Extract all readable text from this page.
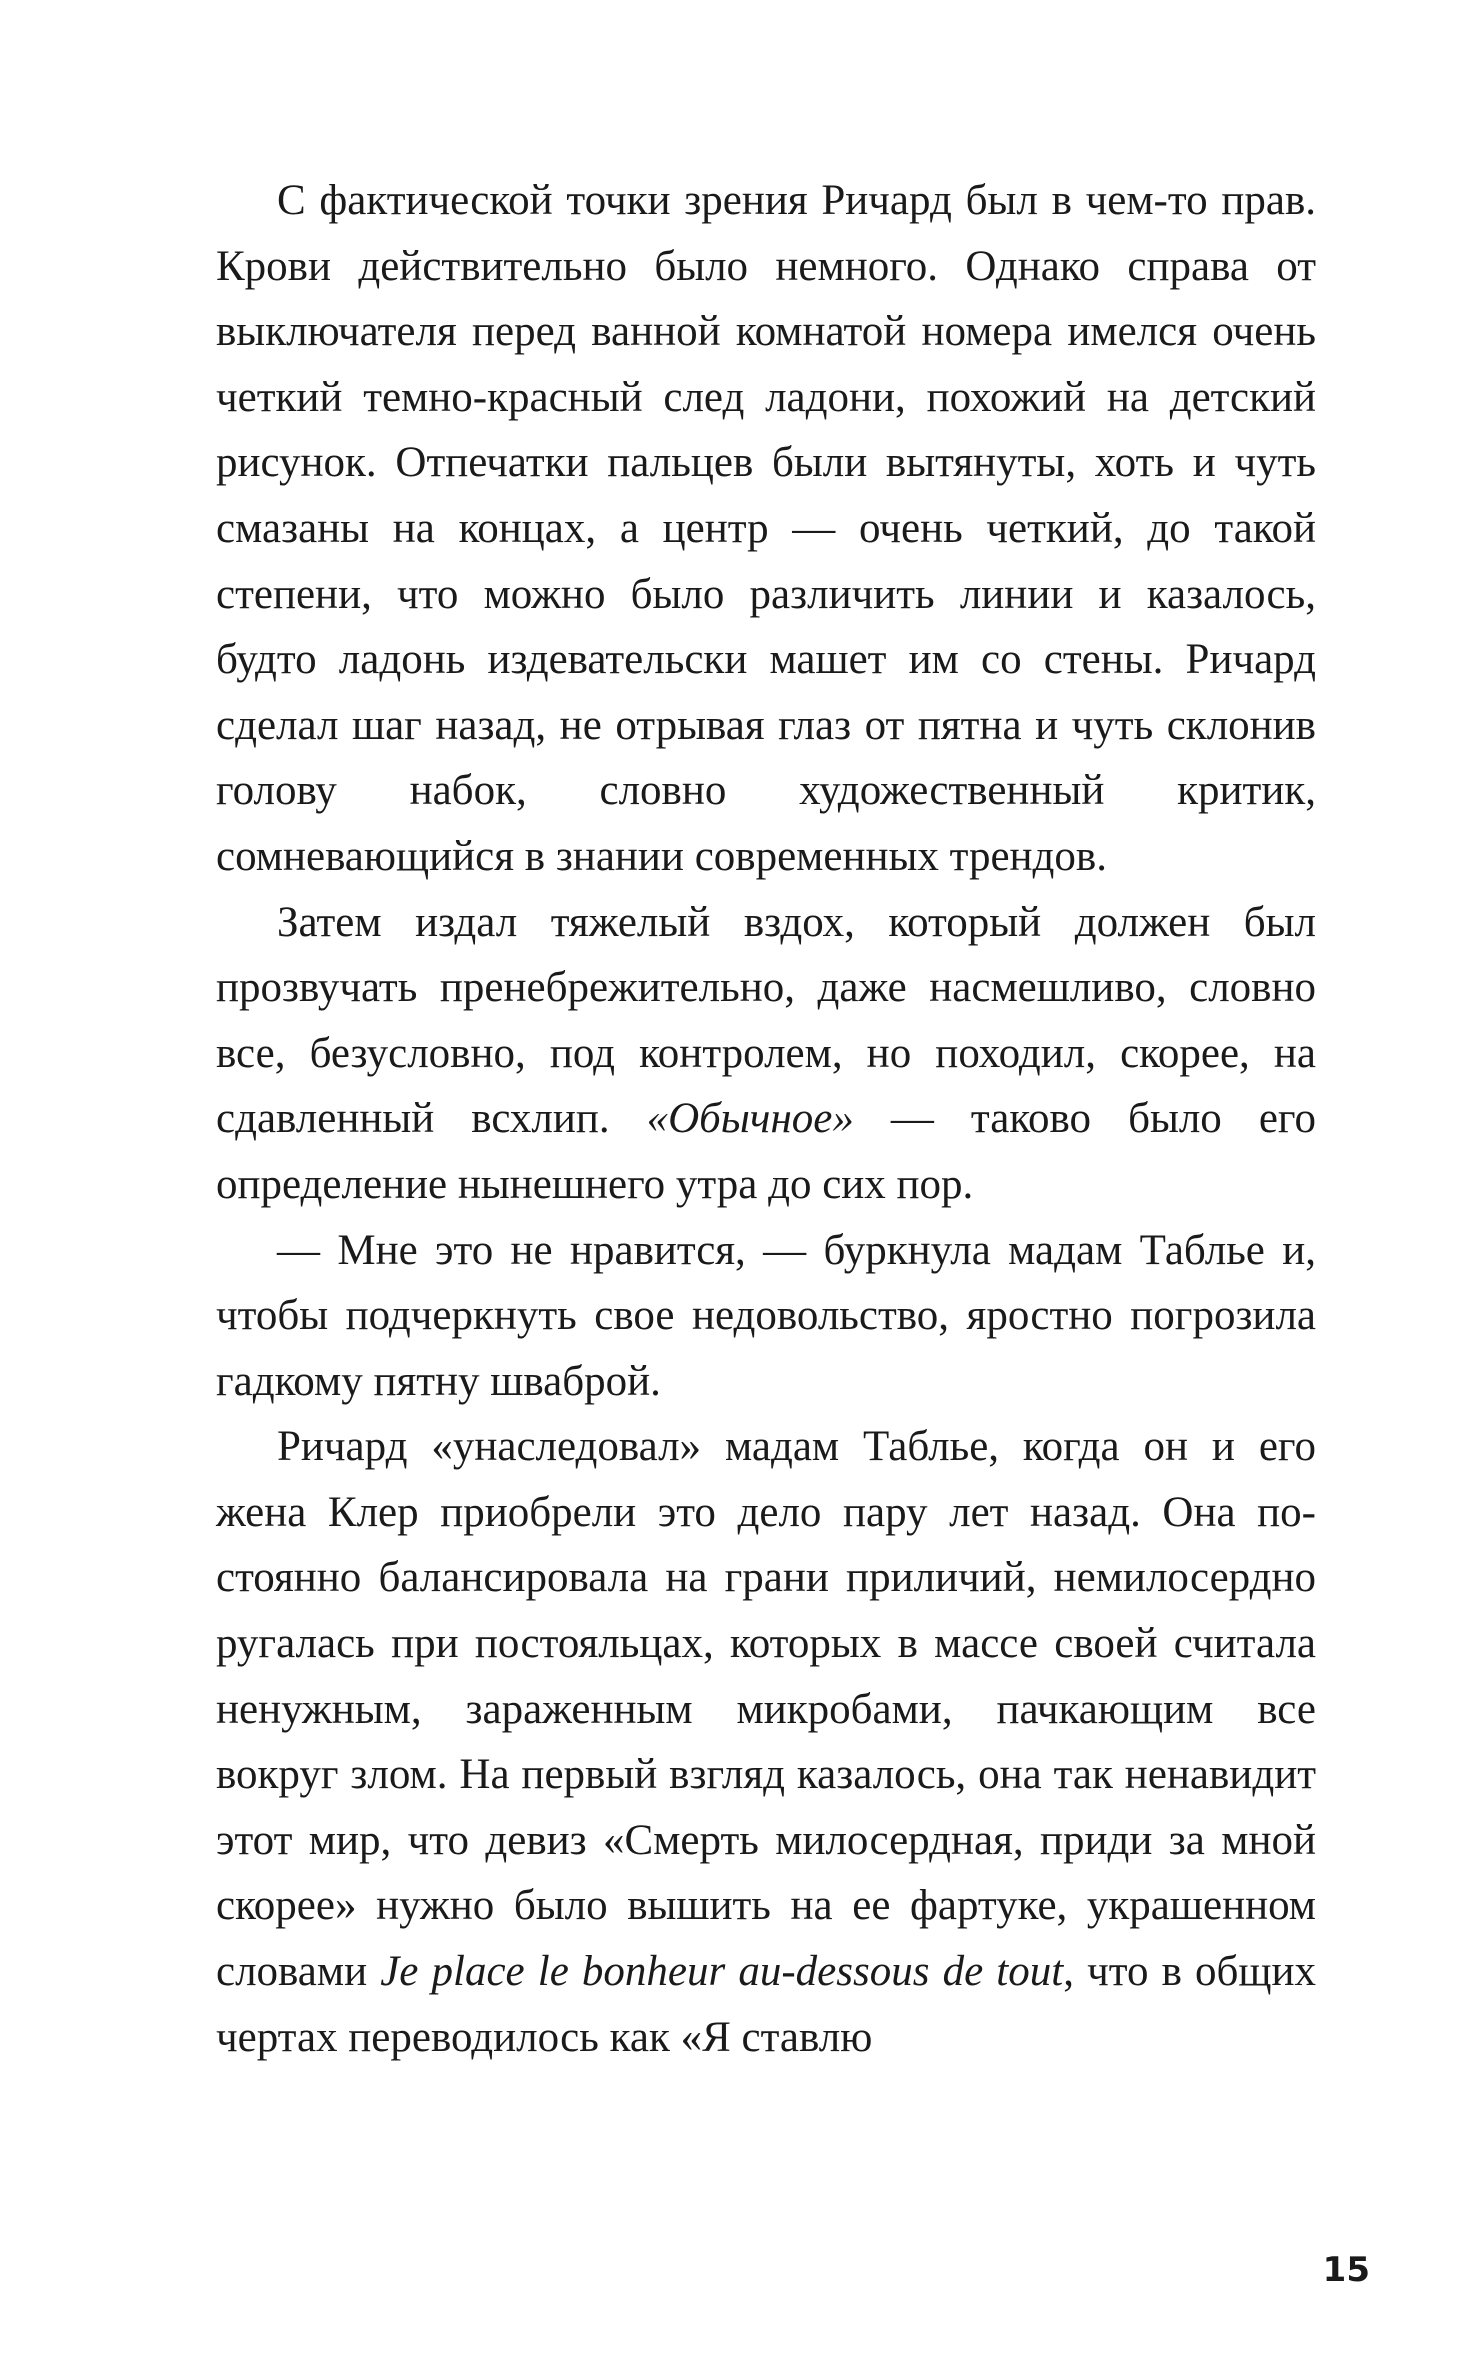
С фактической точки зрения Ричард был в чем-то прав. Крови действительно было немного. Однако справа от выключателя перед ванной комнатой номера имелся очень четкий темно-красный след ладони, похожий на детский рисунок. Отпечатки пальцев были вытянуты, хоть и чуть смазаны на концах, а центр — очень четкий, до такой степени, что можно было различить линии и казалось, будто ладонь издевательски машет им со стены. Ричард сделал шаг назад, не отрывая глаз от пятна и чуть склонив голову набок, словно художественный критик, сомневающийся в знании современных трендов.

Затем издал тяжелый вздох, который должен был прозвучать пренебрежительно, даже насмешливо, словно все, безусловно, под контролем, но походил, скорее, на сдавленный всхлип. «Обычное» — таково было его определение нынешнего утра до сих пор.

— Мне это не нравится, — буркнула мадам Таблье и, чтобы подчеркнуть свое недовольство, яростно погрозила гадкому пятну шваброй.

Ричард «унаследовал» мадам Таблье, когда он и его жена Клер приобрели это дело пару лет назад. Она постоянно балансировала на грани приличий, немилосердно ругалась при постояльцах, которых в массе своей считала ненужным, зараженным микробами, пачкающим все вокруг злом. На первый взгляд казалось, она так ненавидит этот мир, что девиз «Смерть милосердная, приди за мной скорее» нужно было вышить на ее фартуке, украшенном словами Je place le bonheur au-dessous de tout, что в общих чертах переводилось как «Я ставлю

15
